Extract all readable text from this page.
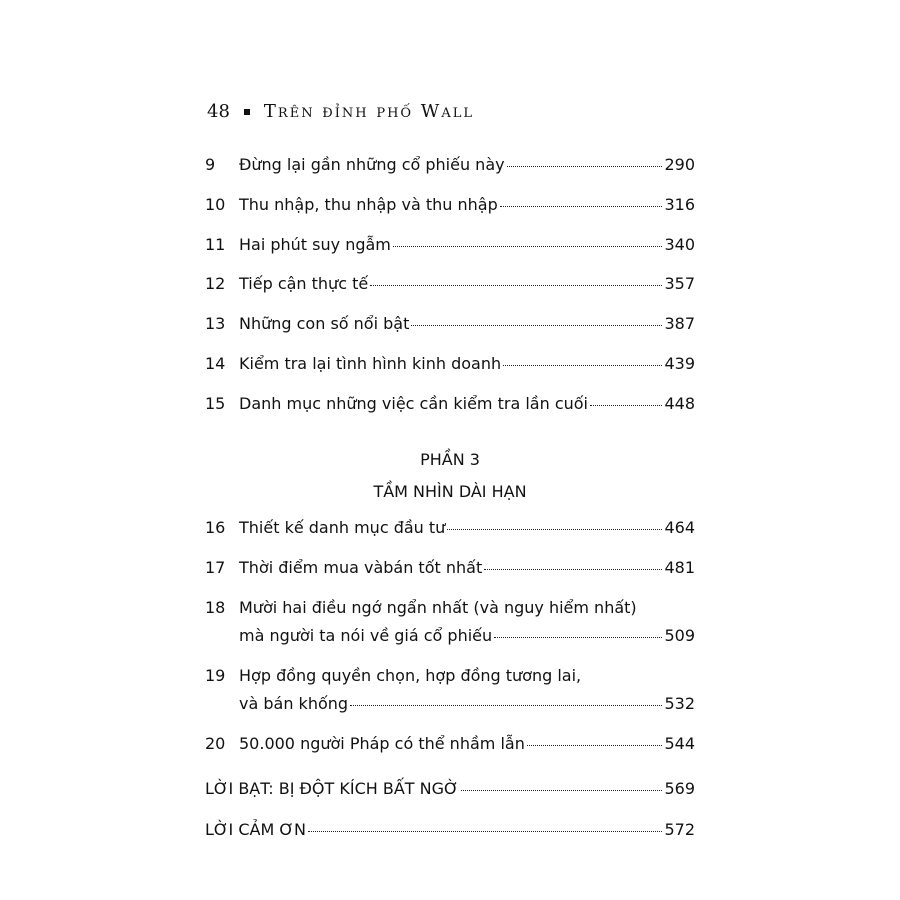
48 Trên đỉnh phố Wall
9 Đừng lại gần những cổ phiếu này	290
10 Thu nhập, thu nhập và thu nhập	316
11 Hai phút suy ngẫm	340
12 Tiếp cận thực tế	357
13 Những con số nổi bật	387
14 Kiểm tra lại tình hình kinh doanh	439
15 Danh mục những việc cần kiểm tra lần cuối	448
PHẦN 3
TẦM NHÌN DÀI HẠN
16 Thiết kế danh mục đầu tư	464
17 Thời điểm mua vàbán tốt nhất	481
18 Mười hai điều ngớ ngẩn nhất (và nguy hiểm nhất)
mà người ta nói về giá cổ phiếu	509
19 Hợp đồng quyền chọn, hợp đồng tương lai,
và bán khống	532
20 50.000 người Pháp có thể nhầm lẫn	544
LỜI BẠT: BỊ ĐỘT KÍCH BẤT NGỜ	569
LỜI CẢM ƠN	572
